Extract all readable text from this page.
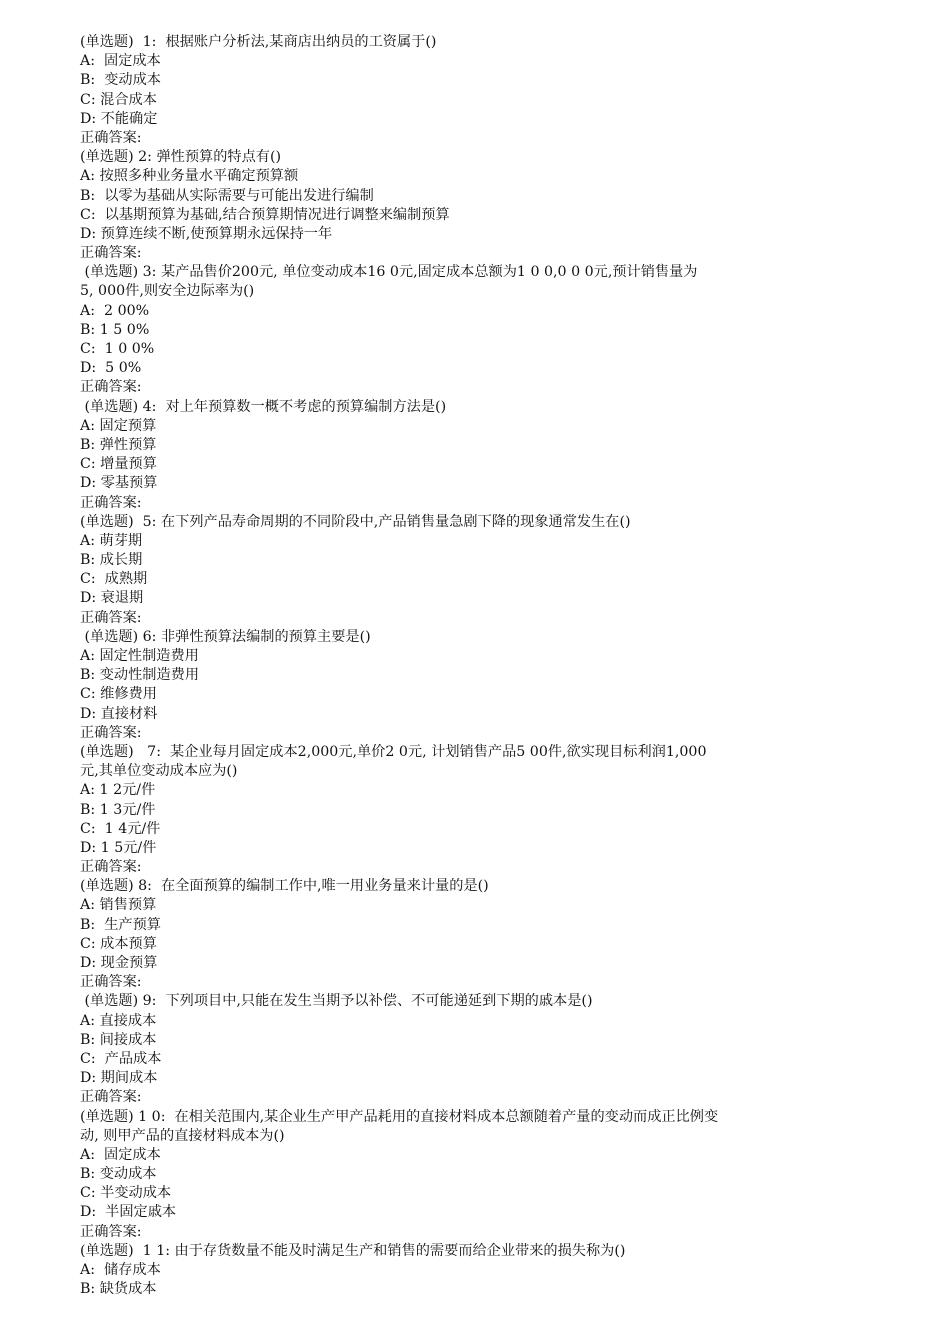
(单选题)  1:  根据账户分析法,某商店出纳员的工资属于()
A:  固定成本
B:  变动成本
C: 混合成本
D: 不能确定
正确答案:
(单选题) 2: 弹性预算的特点有()
A: 按照多种业务量水平确定预算额
B:  以零为基础从实际需要与可能出发进行编制
C:  以基期预算为基础,结合预算期情况进行调整来编制预算
D: 预算连续不断,使预算期永远保持一年
正确答案:
(单选题) 3: 某产品售价200元, 单位变动成本16 0元,固定成本总额为1 0 0,0 0 0元,预计销售量为
5, 000件,则安全边际率为()
A:  2 00%
B: 1 5 0%
C:  1 0 0%
D:  5 0%
正确答案:
(单选题) 4:  对上年预算数一概不考虑的预算编制方法是()
A: 固定预算
B: 弹性预算
C: 增量预算
D: 零基预算
正确答案:
(单选题)  5: 在下列产品寿命周期的不同阶段中,产品销售量急剧下降的现象通常发生在()
A: 萌芽期
B: 成长期
C:  成熟期
D: 衰退期
正确答案:
(单选题) 6: 非弹性预算法编制的预算主要是()
A: 固定性制造费用
B: 变动性制造费用
C: 维修费用
D: 直接材料
正确答案:
(单选题)   7:  某企业每月固定成本2,000元,单价2 0元, 计划销售产品5 00件,欲实现目标利润1,000
元,其单位变动成本应为()
A: 1 2元/件
B: 1 3元/件
C:  1 4元/件
D: 1 5元/件
正确答案:
(单选题) 8:  在全面预算的编制工作中,唯一用业务量来计量的是()
A: 销售预算
B:  生产预算
C: 成本预算
D: 现金预算
正确答案:
(单选题) 9:  下列项目中,只能在发生当期予以补偿、不可能递延到下期的戚本是()
A: 直接成本
B: 间接成本
C:  产品成本
D: 期间成本
正确答案:
(单选题) 1 0:  在相关范围内,某企业生产甲产品耗用的直接材料成本总额随着产量的变动而成正比例变
动, 则甲产品的直接材料成本为()
A:  固定成本
B: 变动成本
C: 半变动成本
D:  半固定戚本
正确答案:
(单选题)  1 1: 由于存货数量不能及时满足生产和销售的需要而给企业带来的损失称为()
A:  储存成本
B: 缺货成本
